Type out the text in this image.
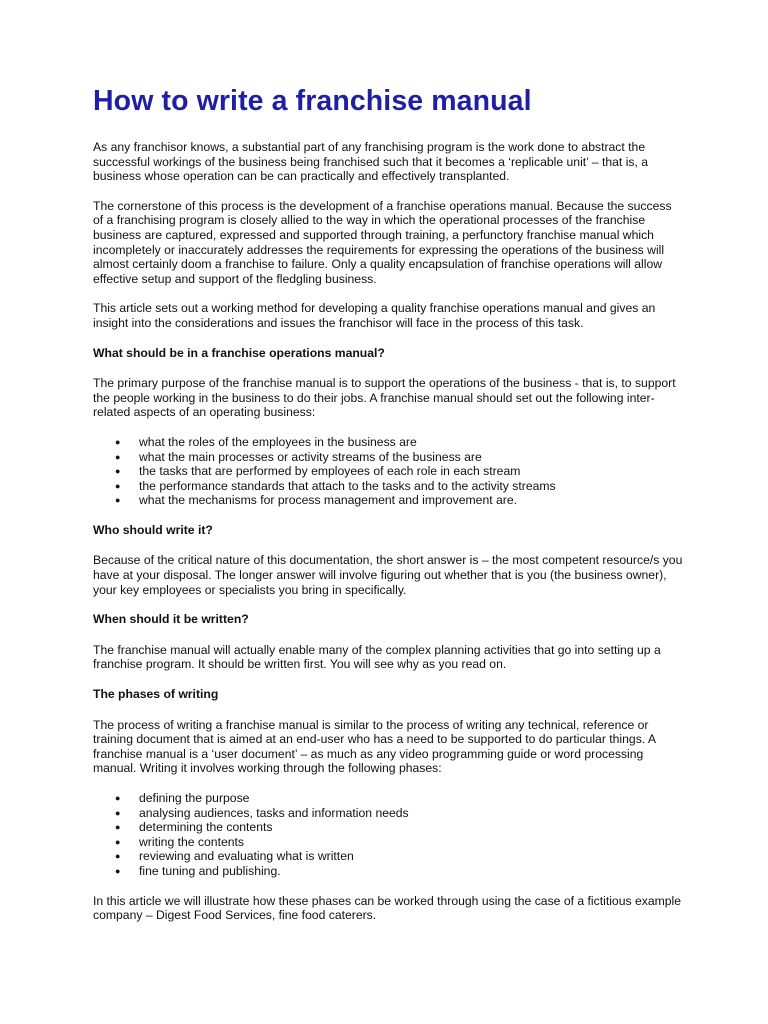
How to write a franchise manual

As any franchisor knows, a substantial part of any franchising program is the work done to abstract the successful workings of the business being franchised such that it becomes a ‘replicable unit’ – that is, a business whose operation can be can practically and effectively transplanted.

The cornerstone of this process is the development of a franchise operations manual. Because the success of a franchising program is closely allied to the way in which the operational processes of the franchise business are captured, expressed and supported through training, a perfunctory franchise manual which incompletely or inaccurately addresses the requirements for expressing the operations of the business will almost certainly doom a franchise to failure. Only a quality encapsulation of franchise operations will allow effective setup and support of the fledgling business.

This article sets out a working method for developing a quality franchise operations manual and gives an insight into the considerations and issues the franchisor will face in the process of this task.

What should be in a franchise operations manual?

The primary purpose of the franchise manual is to support the operations of the business - that is, to support the people working in the business to do their jobs. A franchise manual should set out the following inter-related aspects of an operating business:

● what the roles of the employees in the business are
● what the main processes or activity streams of the business are
● the tasks that are performed by employees of each role in each stream
● the performance standards that attach to the tasks and to the activity streams
● what the mechanisms for process management and improvement are.
Who should write it?

Because of the critical nature of this documentation, the short answer is – the most competent resource/s you have at your disposal. The longer answer will involve figuring out whether that is you (the business owner), your key employees or specialists you bring in specifically.

When should it be written?

The franchise manual will actually enable many of the complex planning activities that go into setting up a franchise program. It should be written first. You will see why as you read on.

The phases of writing

The process of writing a franchise manual is similar to the process of writing any technical, reference or training document that is aimed at an end-user who has a need to be supported to do particular things. A franchise manual is a ‘user document’ – as much as any video programming guide or word processing manual. Writing it involves working through the following phases:

● defining the purpose
● analysing audiences, tasks and information needs
● determining the contents
● writing the contents
● reviewing and evaluating what is written
● fine tuning and publishing.

In this article we will illustrate how these phases can be worked through using the case of a fictitious example company – Digest Food Services, fine food caterers.
